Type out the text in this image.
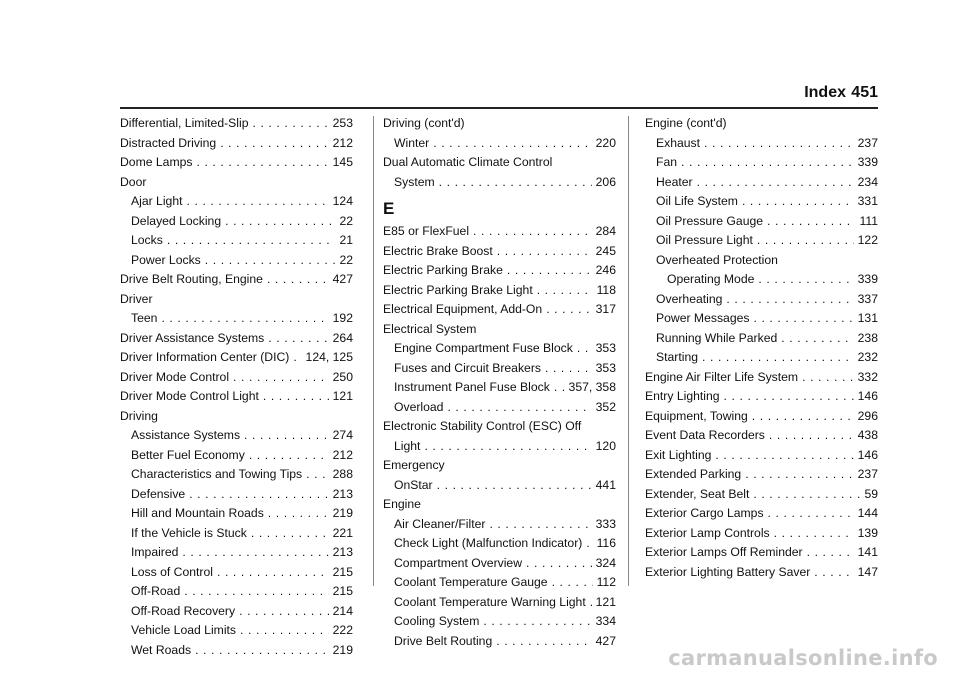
Index 451
Differential, Limited-Slip . . .	253
Distracted Driving . . .	212
Dome Lamps . . .	145
Door
Ajar Light . . .	124
Delayed Locking . . .	22
Locks . . .	21
Power Locks . . .	22
Drive Belt Routing, Engine . . .	427
Driver
Teen . . .	192
Driver Assistance Systems . . .	264
Driver Information Center (DIC) . . . 124, 125
Driver Mode Control . . .	250
Driver Mode Control Light . . .	121
Driving
Assistance Systems . . .	274
Better Fuel Economy . . .	212
Characteristics and Towing Tips . . .	288
Defensive . . .	213
Hill and Mountain Roads . . .	219
If the Vehicle is Stuck . . .	221
Impaired . . .	213
Loss of Control . . .	215
Off-Road . . .	215
Off-Road Recovery . . .	214
Vehicle Load Limits . . .	222
Wet Roads . . .	219
Driving (cont'd)
Winter . . .	220
Dual Automatic Climate Control
System . . .	206
E
E85 or FlexFuel . . .	284
Electric Brake Boost . . .	245
Electric Parking Brake . . .	246
Electric Parking Brake Light . . .	118
Electrical Equipment, Add-On . . .	317
Electrical System
Engine Compartment Fuse Block . . . 353
Fuses and Circuit Breakers . . .	353
Instrument Panel Fuse Block . . . 357, 358
Overload . . .	352
Electronic Stability Control (ESC) Off
Light . . .	120
Emergency
OnStar . . .	441
Engine
Air Cleaner/Filter . . .	333
Check Light (Malfunction Indicator) . . . 116
Compartment Overview . . .	324
Coolant Temperature Gauge . . .	112
Coolant Temperature Warning Light . . . 121
Cooling System . . .	334
Drive Belt Routing . . .	427
Engine (cont'd)
Exhaust . . .	237
Fan . . .	339
Heater . . .	234
Oil Life System . . .	331
Oil Pressure Gauge . . .	111
Oil Pressure Light . . .	122
Overheated Protection
Operating Mode . . .	339
Overheating . . .	337
Power Messages . . .	131
Running While Parked . . .	238
Starting . . .	232
Engine Air Filter Life System . . .	332
Entry Lighting . . .	146
Equipment, Towing . . .	296
Event Data Recorders . . .	438
Exit Lighting . . .	146
Extended Parking . . .	237
Extender, Seat Belt . . .	59
Exterior Cargo Lamps . . .	144
Exterior Lamp Controls . . .	139
Exterior Lamps Off Reminder . . .	141
Exterior Lighting Battery Saver . . .	147
carmanualsonline.info
